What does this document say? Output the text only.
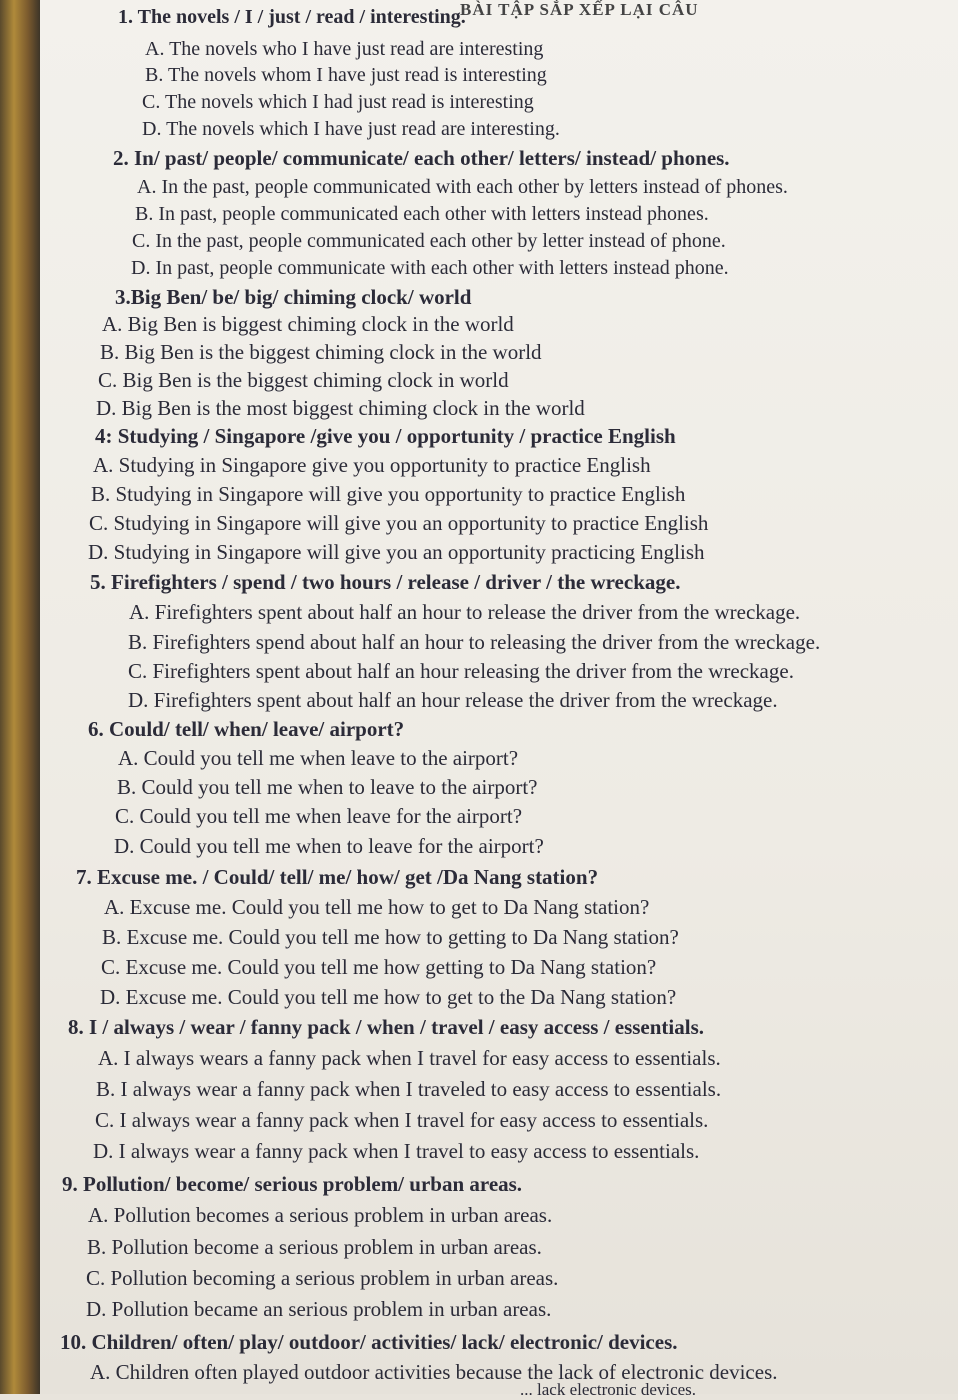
BÀI TẬP SẮP XẾP LẠI CÂU
1. The novels / I / just / read / interesting.
A. The novels who I have just read are interesting
B. The novels whom I have just read is interesting
C. The novels which I had just read is interesting
D. The novels which I have just read are interesting.
2. In/ past/ people/ communicate/ each other/ letters/ instead/ phones.
A. In the past, people communicated with each other by letters instead of phones.
B. In past, people communicated each other with letters instead phones.
C. In the past, people communicated each other by letter instead of phone.
D. In past, people communicate with each other with letters instead phone.
3.Big Ben/ be/ big/ chiming clock/ world
A. Big Ben is biggest chiming clock in the world
B. Big Ben is the biggest chiming clock in the world
C. Big Ben is the biggest chiming clock in world
D. Big Ben is the most biggest chiming clock in the world
4: Studying / Singapore /give you / opportunity / practice English
A. Studying in Singapore give you opportunity to practice English
B. Studying in Singapore will give you opportunity to practice English
C. Studying in Singapore will give you an opportunity to practice English
D. Studying in Singapore will give you an opportunity practicing English
5. Firefighters / spend / two hours / release / driver / the wreckage.
A. Firefighters spent about half an hour to release the driver from the wreckage.
B. Firefighters spend about half an hour to releasing the driver from the wreckage.
C. Firefighters spent about half an hour releasing the driver from the wreckage.
D. Firefighters spent about half an hour release the driver from the wreckage.
6. Could/ tell/ when/ leave/ airport?
A. Could you tell me when leave to the airport?
B. Could you tell me when to leave to the airport?
C. Could you tell me when leave for the airport?
D. Could you tell me when to leave for the airport?
7. Excuse me. / Could/ tell/ me/ how/ get /Da Nang station?
A. Excuse me. Could you tell me how to get to Da Nang station?
B. Excuse me. Could you tell me how to getting to Da Nang station?
C. Excuse me. Could you tell me how getting to Da Nang station?
D. Excuse me. Could you tell me how to get to the Da Nang station?
8. I / always / wear / fanny pack / when / travel / easy access / essentials.
A. I always wears a fanny pack when I travel for easy access to essentials.
B. I always wear a fanny pack when I traveled to easy access to essentials.
C. I always wear a fanny pack when I travel for easy access to essentials.
D. I always wear a fanny pack when I travel to easy access to essentials.
9. Pollution/ become/ serious problem/ urban areas.
A. Pollution becomes a serious problem in urban areas.
B. Pollution become a serious problem in urban areas.
C. Pollution becoming a serious problem in urban areas.
D. Pollution became an serious problem in urban areas.
10. Children/ often/ play/ outdoor/ activities/ lack/ electronic/ devices.
A. Children often played outdoor activities because the lack of electronic devices.
... lack electronic devices.
